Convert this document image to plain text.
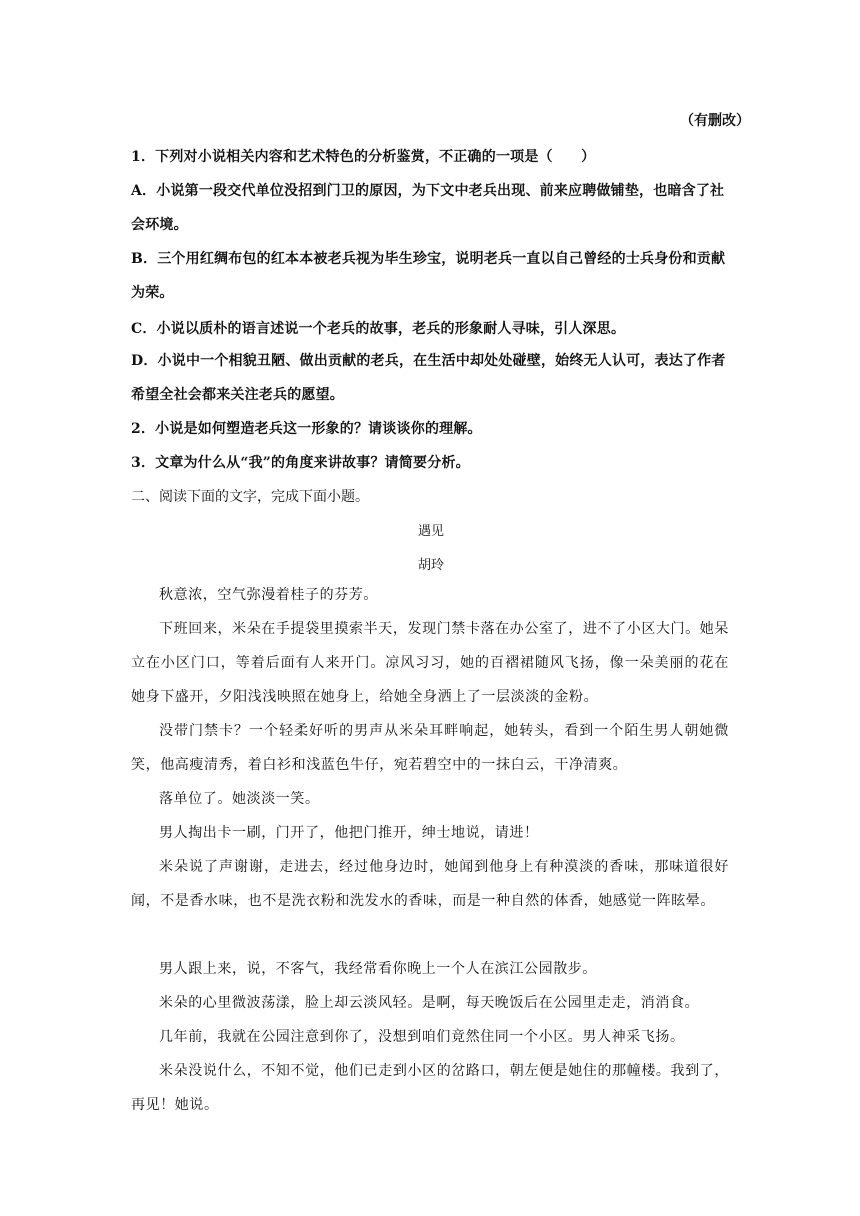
（有删改）
1．下列对小说相关内容和艺术特色的分析鉴赏，不正确的一项是（　　）
A．小说第一段交代单位没招到门卫的原因，为下文中老兵出现、前来应聘做铺垫，也暗含了社会环境。
B．三个用红绸布包的红本本被老兵视为毕生珍宝，说明老兵一直以自己曾经的士兵身份和贡献为荣。
C．小说以质朴的语言述说一个老兵的故事，老兵的形象耐人寻味，引人深思。
D．小说中一个相貌丑陋、做出贡献的老兵，在生活中却处处碰壁，始终无人认可，表达了作者希望全社会都来关注老兵的愿望。
2．小说是如何塑造老兵这一形象的？请谈谈你的理解。
3．文章为什么从“我”的角度来讲故事？请简要分析。
二、阅读下面的文字，完成下面小题。
遇见
胡玲
秋意浓，空气弥漫着桂子的芬芳。
下班回来，米朵在手提袋里摸索半天，发现门禁卡落在办公室了，进不了小区大门。她呆立在小区门口，等着后面有人来开门。凉风习习，她的百褶裙随风飞扬，像一朵美丽的花在她身下盛开，夕阳浅浅映照在她身上，给她全身洒上了一层淡淡的金粉。
没带门禁卡？一个轻柔好听的男声从米朵耳畔响起，她转头，看到一个陌生男人朝她微笑，他高瘦清秀，着白衫和浅蓝色牛仔，宛若碧空中的一抹白云，干净清爽。
落单位了。她淡淡一笑。
男人掏出卡一刷，门开了，他把门推开，绅士地说，请进！
米朵说了声谢谢，走进去，经过他身边时，她闻到他身上有种漠淡的香味，那味道很好闻，不是香水味，也不是洗衣粉和洗发水的香味，而是一种自然的体香，她感觉一阵眩晕。
男人跟上来，说，不客气，我经常看你晚上一个人在滨江公园散步。
米朵的心里微波荡漾，脸上却云淡风轻。是啊，每天晚饭后在公园里走走，消消食。
几年前，我就在公园注意到你了，没想到咱们竟然住同一个小区。男人神采飞扬。
米朵没说什么，不知不觉，他们已走到小区的岔路口，朝左便是她住的那幢楼。我到了，再见！她说。
